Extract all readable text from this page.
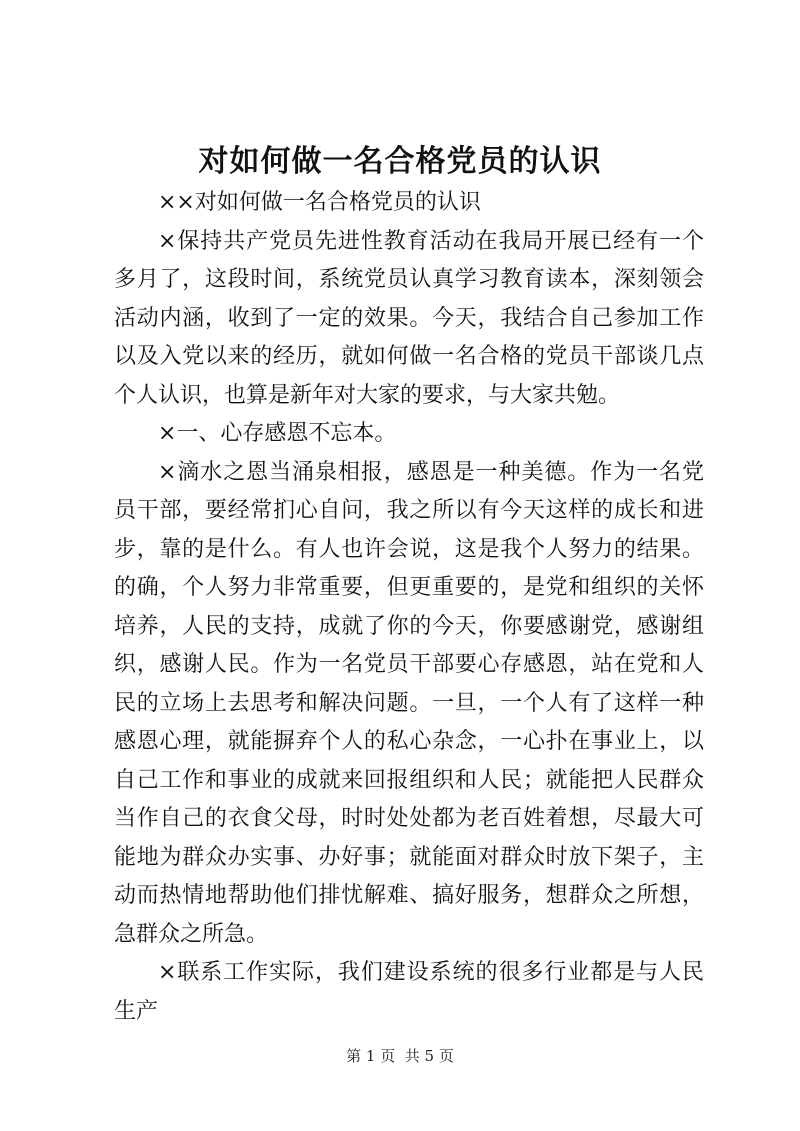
对如何做一名合格党员的认识

××对如何做一名合格党员的认识

×保持共产党员先进性教育活动在我局开展已经有一个多月了，这段时间，系统党员认真学习教育读本，深刻领会活动内涵，收到了一定的效果。今天，我结合自己参加工作以及入党以来的经历，就如何做一名合格的党员干部谈几点个人认识，也算是新年对大家的要求，与大家共勉。

×一、心存感恩不忘本。

×滴水之恩当涌泉相报，感恩是一种美德。作为一名党员干部，要经常扪心自问，我之所以有今天这样的成长和进步，靠的是什么。有人也许会说，这是我个人努力的结果。的确，个人努力非常重要，但更重要的，是党和组织的关怀培养，人民的支持，成就了你的今天，你要感谢党，感谢组织，感谢人民。作为一名党员干部要心存感恩，站在党和人民的立场上去思考和解决问题。一旦，一个人有了这样一种感恩心理，就能摒弃个人的私心杂念，一心扑在事业上，以自己工作和事业的成就来回报组织和人民；就能把人民群众当作自己的衣食父母，时时处处都为老百姓着想，尽最大可能地为群众办实事、办好事；就能面对群众时放下架子，主动而热情地帮助他们排忧解难、搞好服务，想群众之所想，急群众之所急。

×联系工作实际，我们建设系统的很多行业都是与人民生产

第 1 页 共 5 页
